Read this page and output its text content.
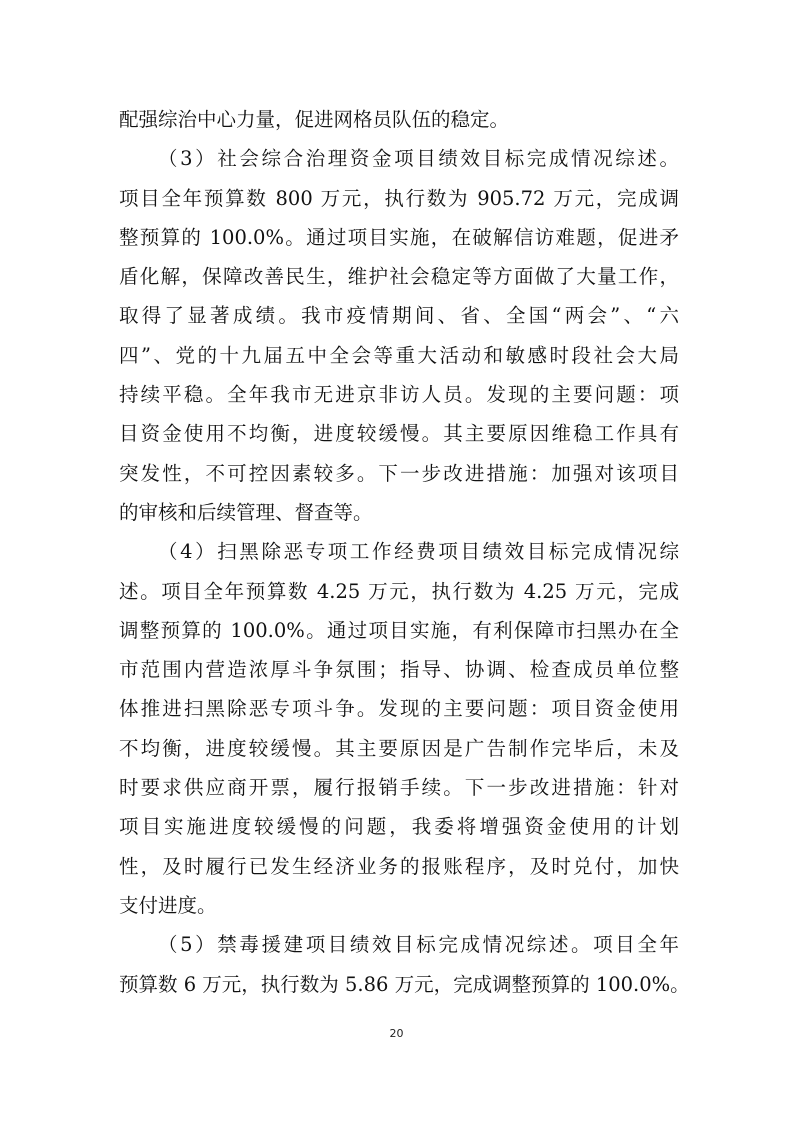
配强综治中心力量，促进网格员队伍的稳定。
（3）社会综合治理资金项目绩效目标完成情况综述。
项目全年预算数 800 万元，执行数为 905.72 万元，完成调
整预算的 100.0%。通过项目实施，在破解信访难题，促进矛
盾化解，保障改善民生，维护社会稳定等方面做了大量工作，
取得了显著成绩。我市疫情期间、省、全国“两会”、“六
四”、党的十九届五中全会等重大活动和敏感时段社会大局
持续平稳。全年我市无进京非访人员。发现的主要问题：项
目资金使用不均衡，进度较缓慢。其主要原因维稳工作具有
突发性，不可控因素较多。下一步改进措施：加强对该项目
的审核和后续管理、督查等。
（4）扫黑除恶专项工作经费项目绩效目标完成情况综
述。项目全年预算数 4.25 万元，执行数为 4.25 万元，完成
调整预算的 100.0%。通过项目实施，有利保障市扫黑办在全
市范围内营造浓厚斗争氛围；指导、协调、检查成员单位整
体推进扫黑除恶专项斗争。发现的主要问题：项目资金使用
不均衡，进度较缓慢。其主要原因是广告制作完毕后，未及
时要求供应商开票，履行报销手续。下一步改进措施：针对
项目实施进度较缓慢的问题，我委将增强资金使用的计划
性，及时履行已发生经济业务的报账程序，及时兑付，加快
支付进度。
（5）禁毒援建项目绩效目标完成情况综述。项目全年
预算数 6 万元，执行数为 5.86 万元，完成调整预算的 100.0%。
20
